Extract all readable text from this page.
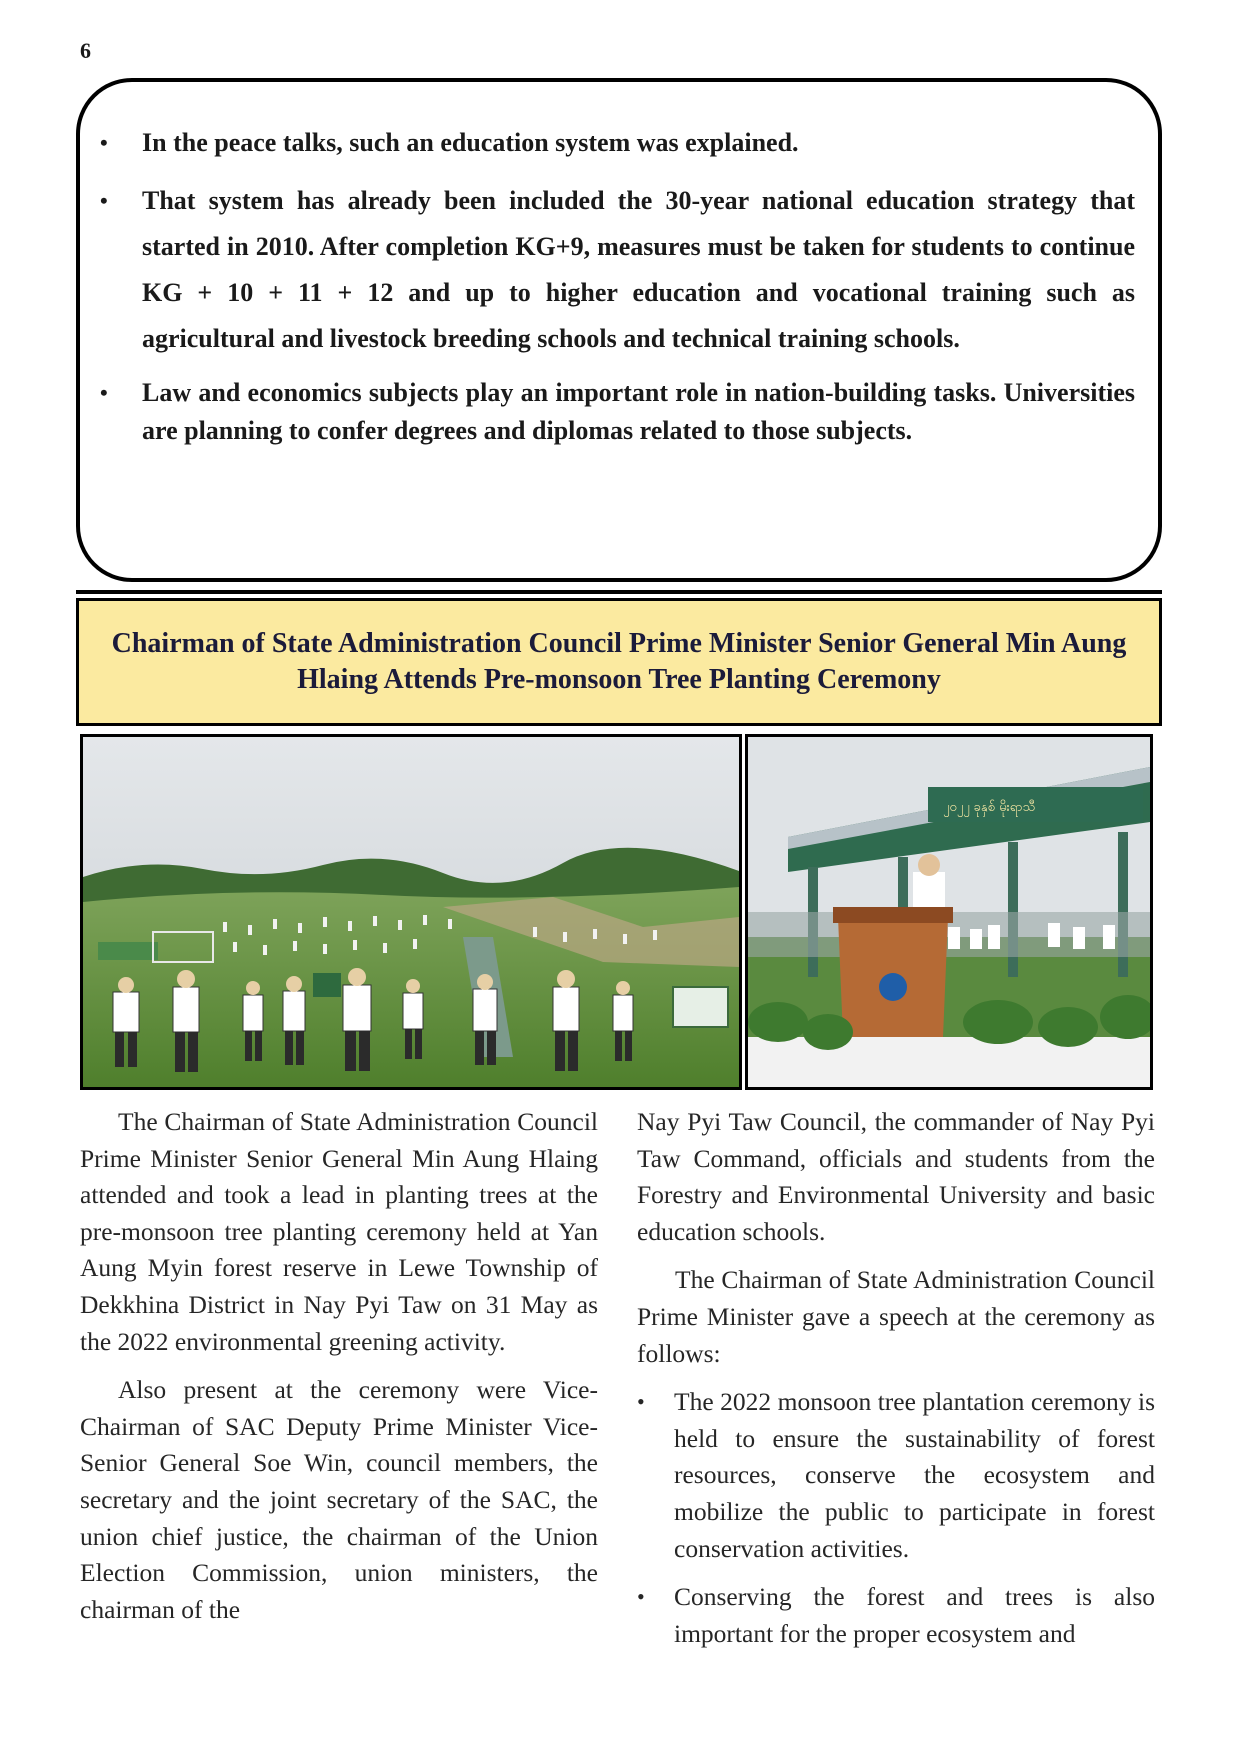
6
• In the peace talks, such an education system was explained.
• That system has already been included the 30-year national education strategy that started in 2010. After completion KG+9, measures must be taken for students to continue KG + 10 + 11 + 12 and up to higher education and vocational training such as agricultural and livestock breeding schools and technical training schools.
• Law and economics subjects play an important role in nation-building tasks. Universities are planning to confer degrees and diplomas related to those subjects.
Chairman of State Administration Council Prime Minister Senior General Min Aung Hlaing Attends Pre-monsoon Tree Planting Ceremony
၂၀၂၂ ခုနှစ် မိုးရာသီ

The Chairman of State Administration Council Prime Minister Senior General Min Aung Hlaing attended and took a lead in planting trees at the pre-monsoon tree planting ceremony held at Yan Aung Myin forest reserve in Lewe Township of Dekkhina District in Nay Pyi Taw on 31 May as the 2022 environmental greening activity.

Also present at the ceremony were Vice-Chairman of SAC Deputy Prime Minister Vice-Senior General Soe Win, council members, the secretary and the joint secretary of the SAC, the union chief justice, the chairman of the Union Election Commission, union ministers, the chairman of the

Nay Pyi Taw Council, the commander of Nay Pyi Taw Command, officials and students from the Forestry and Environmental University and basic education schools.

The Chairman of State Administration Council Prime Minister gave a speech at the ceremony as follows:

• The 2022 monsoon tree plantation ceremony is held to ensure the sustainability of forest resources, conserve the ecosystem and mobilize the public to participate in forest conservation activities.
• Conserving the forest and trees is also important for the proper ecosystem and
